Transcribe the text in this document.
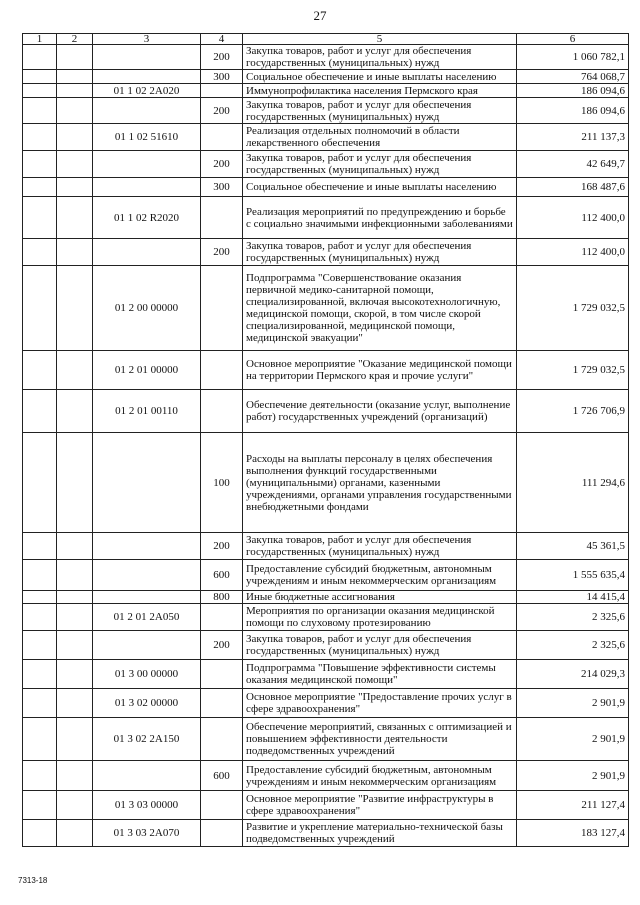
27
1	2	3	4	5	6
			200	Закупка товаров, работ и услуг для обеспечения государственных (муниципальных) нужд	1 060 782,1
			300	Социальное обеспечение и иные выплаты населению	764 068,7
		01 1 02 2А020		Иммунопрофилактика населения Пермского края	186 094,6
			200	Закупка товаров, работ и услуг для обеспечения государственных (муниципальных) нужд	186 094,6
		01 1 02 51610		Реализация отдельных полномочий в области лекарственного обеспечения	211 137,3
			200	Закупка товаров, работ и услуг для обеспечения государственных (муниципальных) нужд	42 649,7
			300	Социальное обеспечение и иные выплаты населению	168 487,6
		01 1 02 R2020		Реализация мероприятий по предупреждению и борьбе с социально значимыми инфекционными заболеваниями	112 400,0
			200	Закупка товаров, работ и услуг для обеспечения государственных (муниципальных) нужд	112 400,0
		01 2 00 00000		Подпрограмма "Совершенствование оказания первичной медико-санитарной помощи, специализированной, включая высокотехнологичную, медицинской помощи, скорой, в том числе скорой специализированной, медицинской помощи, медицинской эвакуации"	1 729 032,5
		01 2 01 00000		Основное мероприятие "Оказание медицинской помощи на территории Пермского края и прочие услуги"	1 729 032,5
		01 2 01 00110		Обеспечение деятельности (оказание услуг, выполнение работ) государственных учреждений (организаций)	1 726 706,9
			100	Расходы на выплаты персоналу в целях обеспечения выполнения функций государственными (муниципальными) органами, казенными учреждениями, органами управления государственными внебюджетными фондами	111 294,6
			200	Закупка товаров, работ и услуг для обеспечения государственных (муниципальных) нужд	45 361,5
			600	Предоставление субсидий бюджетным, автономным учреждениям и иным некоммерческим организациям	1 555 635,4
			800	Иные бюджетные ассигнования	14 415,4
		01 2 01 2А050		Мероприятия по организации оказания медицинской помощи по слуховому протезированию	2 325,6
			200	Закупка товаров, работ и услуг для обеспечения государственных (муниципальных) нужд	2 325,6
		01 3 00 00000		Подпрограмма "Повышение эффективности системы оказания медицинской помощи"	214 029,3
		01 3 02 00000		Основное мероприятие "Предоставление прочих услуг в сфере здравоохранения"	2 901,9
		01 3 02 2А150		Обеспечение мероприятий, связанных с оптимизацией и повышением эффективности деятельности подведомственных учреждений	2 901,9
			600	Предоставление субсидий бюджетным, автономным учреждениям и иным некоммерческим организациям	2 901,9
		01 3 03 00000		Основное мероприятие "Развитие инфраструктуры в сфере здравоохранения"	211 127,4
		01 3 03 2А070		Развитие и укрепление материально-технической базы подведомственных учреждений	183 127,4
7313-18
